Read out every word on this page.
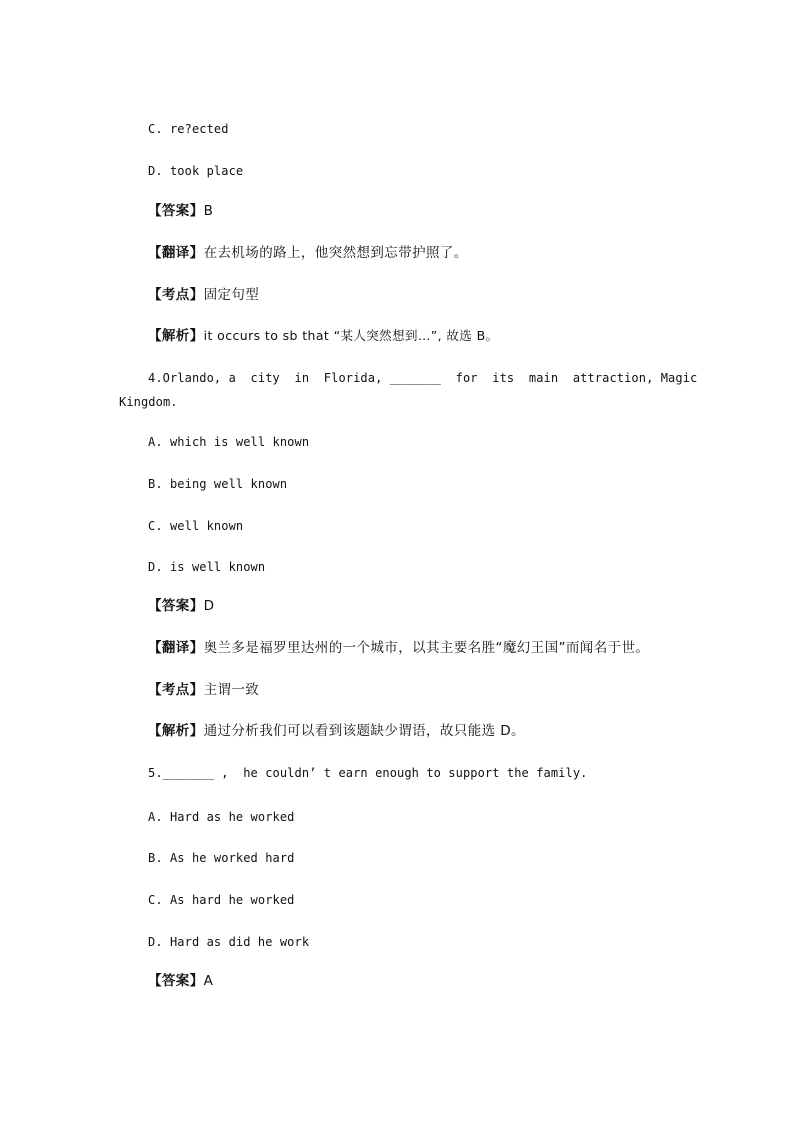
C. re?ected
D. took place
【答案】B
【翻译】在去机场的路上，他突然想到忘带护照了。
【考点】固定句型
【解析】it occurs to sb that “某人突然想到…”, 故选 B。
4.Orlando, a  city  in  Florida, _______  for  its  main  attraction, Magic
Kingdom.
A. which is well known
B. being well known
C. well known
D. is well known
【答案】D
【翻译】奥兰多是福罗里达州的一个城市，以其主要名胜“魔幻王国”而闻名于世。
【考点】主谓一致
【解析】通过分析我们可以看到该题缺少谓语，故只能选 D。
5._______ ,  he couldn’ t earn enough to support the family.
A. Hard as he worked
B. As he worked hard
C. As hard he worked
D. Hard as did he work
【答案】A
